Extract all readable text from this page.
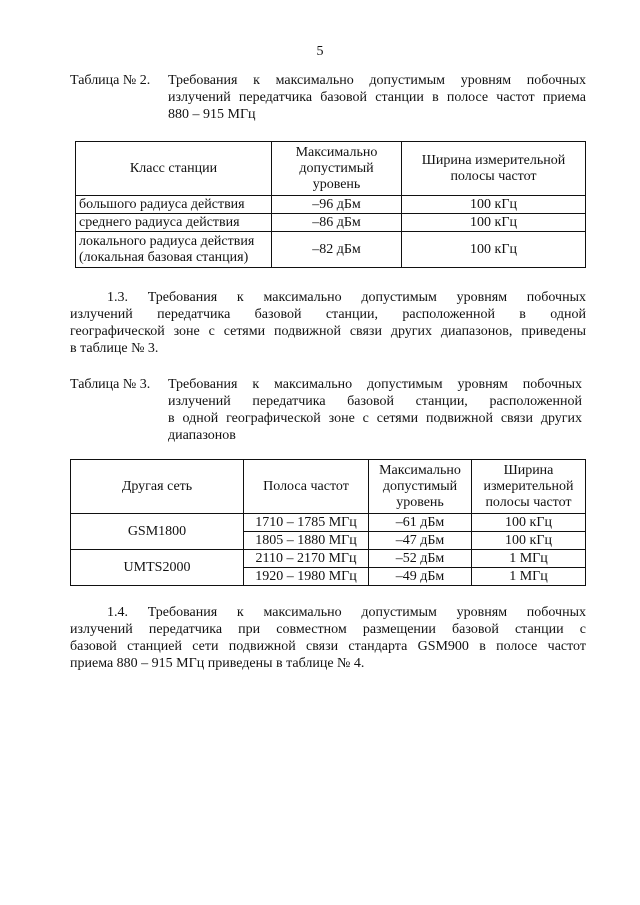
5
Таблица № 2. Требования к максимально допустимым уровням побочных
излучений передатчика базовой станции в полосе частот приема
880 – 915 МГц
Класс станции	Максимально допустимый уровень	Ширина измерительной полосы частот
большого радиуса действия	–96 дБм	100 кГц
среднего радиуса действия	–86 дБм	100 кГц

локального радиуса действия
(локальная базовая станция)	–82 дБм	100 кГц
1.3. Требования к максимально допустимым уровням побочных
излучений передатчика базовой станции, расположенной в одной
географической зоне с сетями подвижной связи других диапазонов, приведены
в таблице № 3.
Таблица № 3. Требования к максимально допустимым уровням побочных
излучений передатчика базовой станции, расположенной
в одной географической зоне с сетями подвижной связи других
диапазонов
Другая сеть	Полоса частот	Максимально допустимый уровень	Ширина измерительной полосы частот
GSM1800	1710 – 1785 МГц	–61 дБм	100 кГц
	1805 – 1880 МГц	–47 дБм	100 кГц
UMTS2000	2110 – 2170 МГц	–52 дБм	1 МГц
	1920 – 1980 МГц	–49 дБм	1 МГц
1.4. Требования к максимально допустимым уровням побочных
излучений передатчика при совместном размещении базовой станции с
базовой станцией сети подвижной связи стандарта GSM900 в полосе частот
приема 880 – 915 МГц приведены в таблице № 4.
